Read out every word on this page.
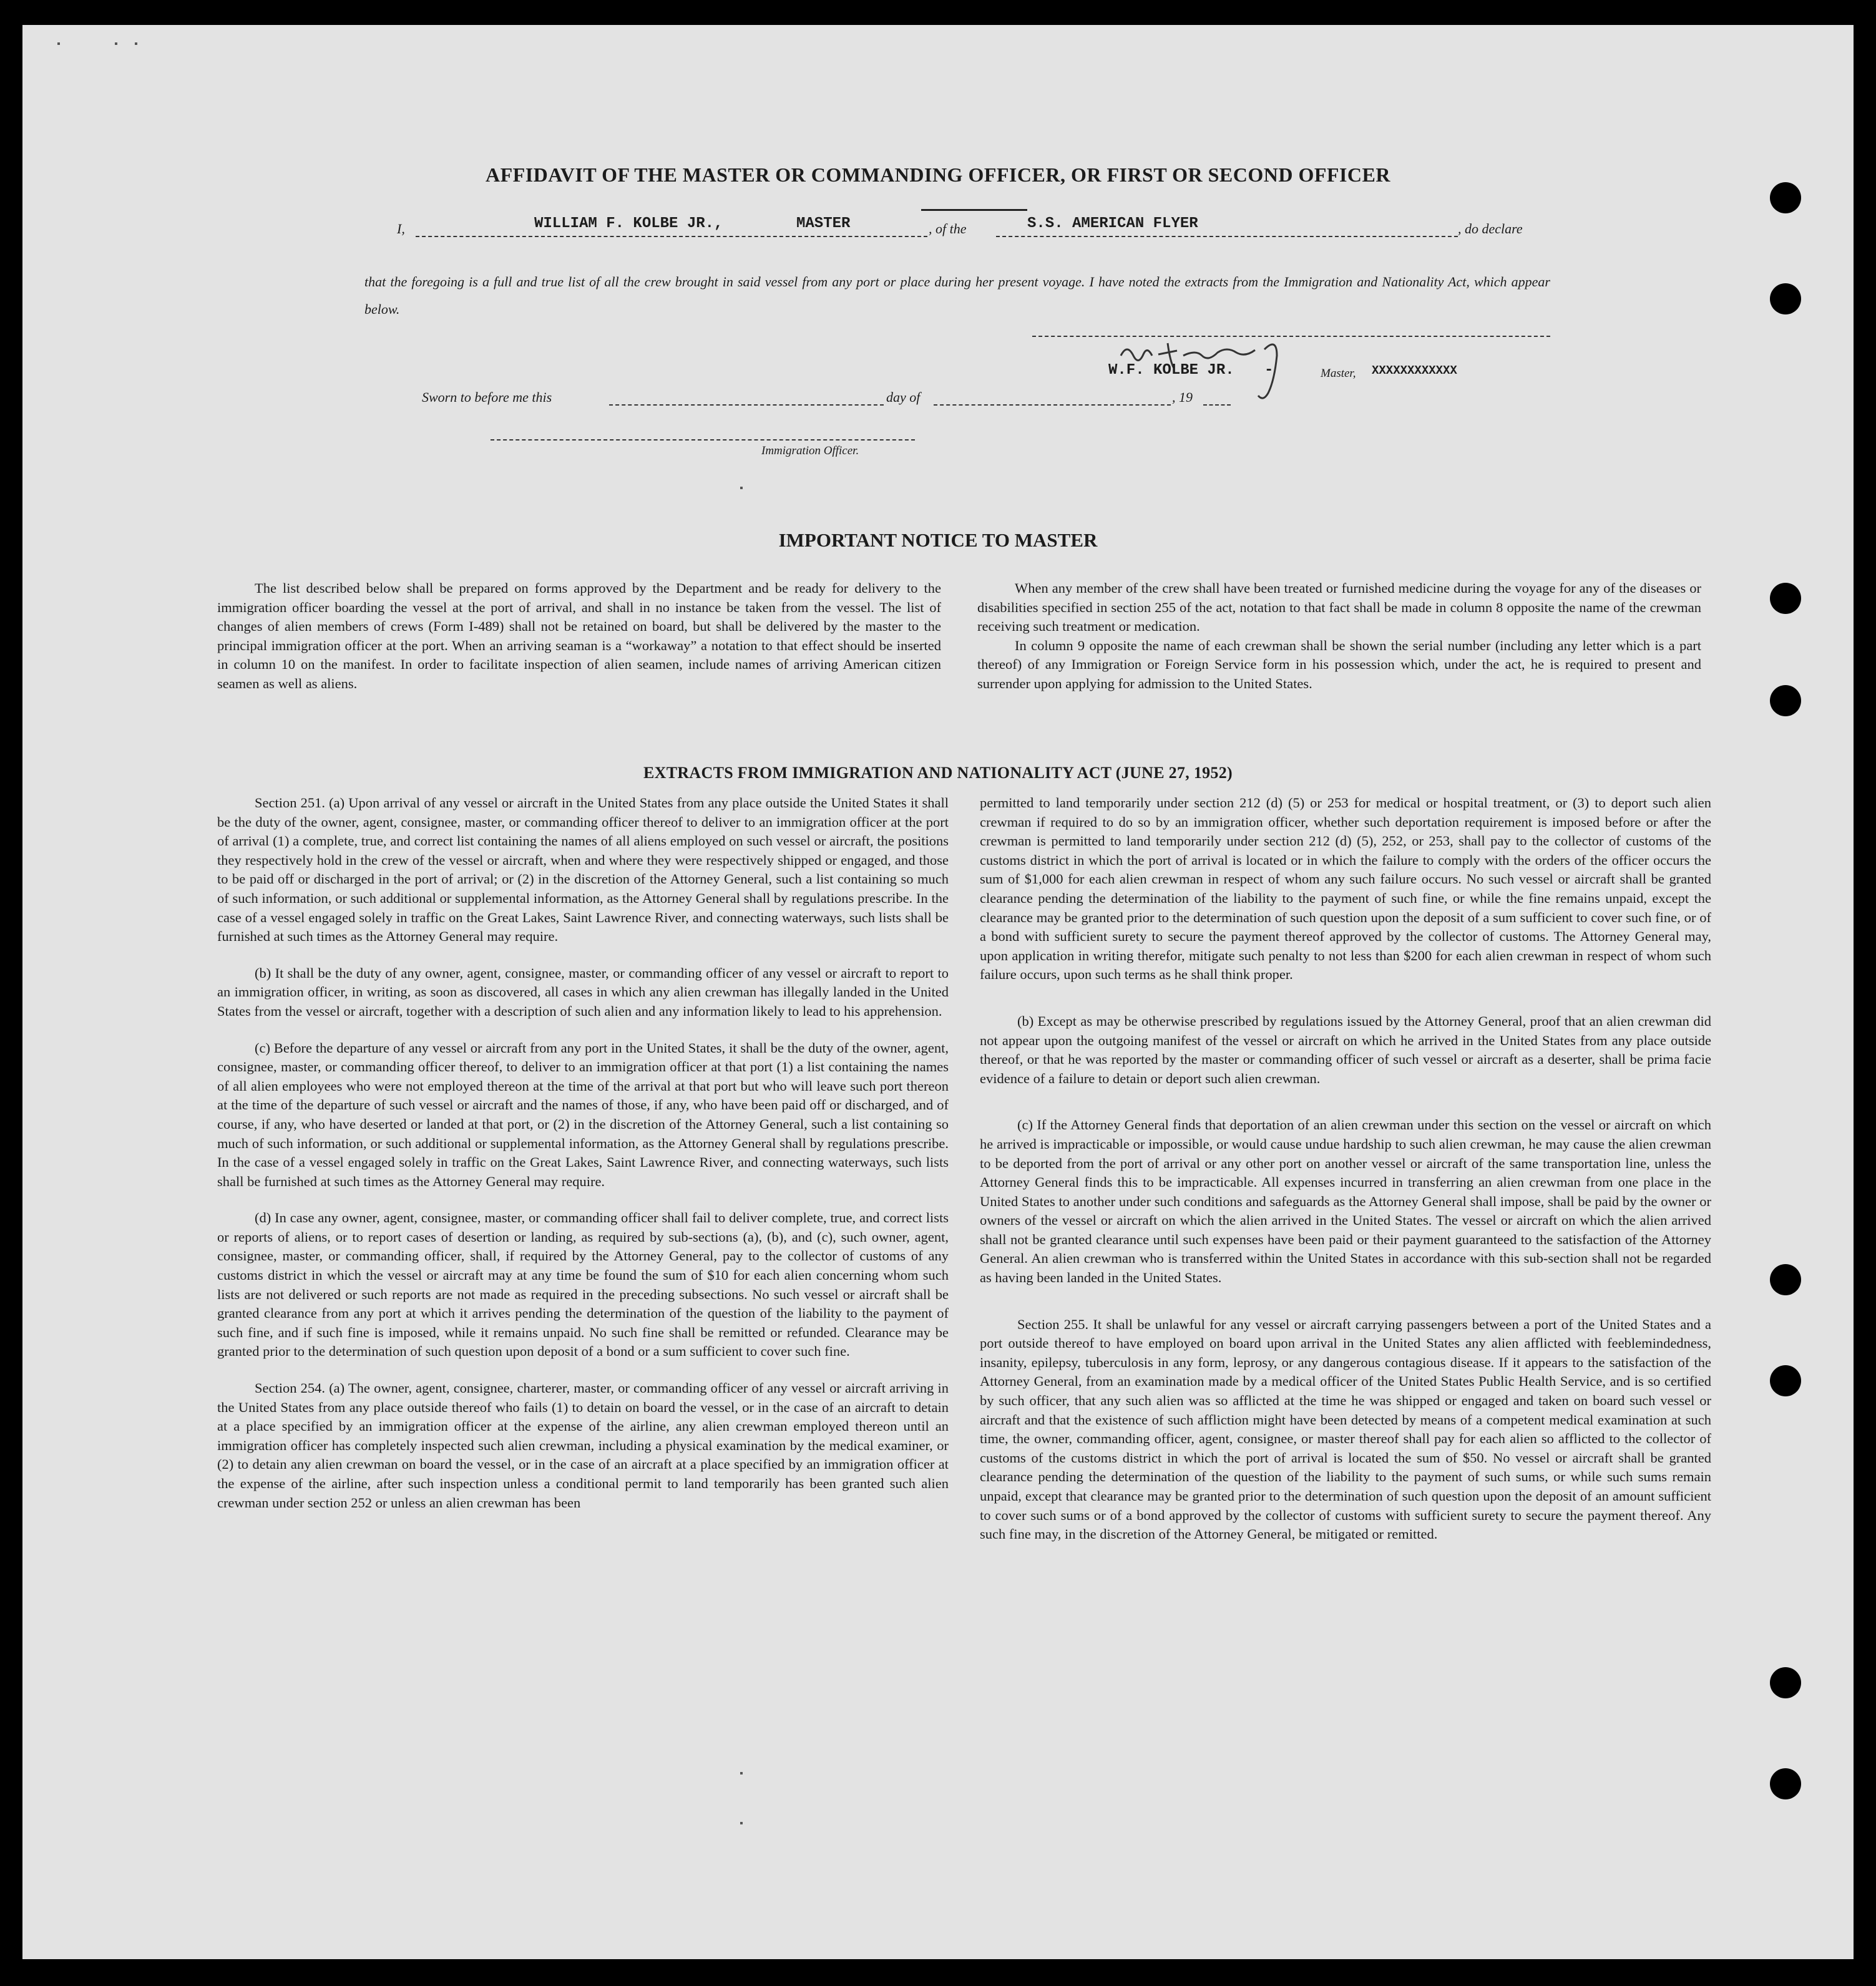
AFFIDAVIT OF THE MASTER OR COMMANDING OFFICER, OR FIRST OR SECOND OFFICER
I,	WILLIAM F. KOLBE JR.,	MASTER	, of the	S.S. AMERICAN FLYER	, do declare
that the foregoing is a full and true list of all the crew brought in said vessel from any port or place during her present voyage. I have noted the extracts from the Immigration and Nationality Act, which appear below.
W.F. KOLBE JR. -	Master, XXXXXXXXXXXX
Sworn to before me this	day of	, 19
Immigration Officer.
IMPORTANT NOTICE TO MASTER

The list described below shall be prepared on forms approved by the Department and be ready for delivery to the immigration officer boarding the vessel at the port of arrival, and shall in no instance be taken from the vessel. The list of changes of alien members of crews (Form I-489) shall not be retained on board, but shall be delivered by the master to the principal immigration officer at the port. When an arriving seaman is a “workaway” a notation to that effect should be inserted in column 10 on the manifest. In order to facilitate inspection of alien seamen, include names of arriving American citizen seamen as well as aliens.

When any member of the crew shall have been treated or furnished medicine during the voyage for any of the diseases or disabilities specified in section 255 of the act, notation to that fact shall be made in column 8 opposite the name of the crewman receiving such treatment or medication.

In column 9 opposite the name of each crewman shall be shown the serial number (including any letter which is a part thereof) of any Immigration or Foreign Service form in his possession which, under the act, he is required to present and surrender upon applying for admission to the United States.

EXTRACTS FROM IMMIGRATION AND NATIONALITY ACT (JUNE 27, 1952)

Section 251. (a) Upon arrival of any vessel or aircraft in the United States from any place outside the United States it shall be the duty of the owner, agent, consignee, master, or commanding officer thereof to deliver to an immigration officer at the port of arrival (1) a complete, true, and correct list containing the names of all aliens employed on such vessel or aircraft, the positions they respectively hold in the crew of the vessel or aircraft, when and where they were respectively shipped or engaged, and those to be paid off or discharged in the port of arrival; or (2) in the discretion of the Attorney General, such a list containing so much of such information, or such additional or supplemental information, as the Attorney General shall by regulations prescribe. In the case of a vessel engaged solely in traffic on the Great Lakes, Saint Lawrence River, and connecting waterways, such lists shall be furnished at such times as the Attorney General may require.

(b) It shall be the duty of any owner, agent, consignee, master, or commanding officer of any vessel or aircraft to report to an immigration officer, in writing, as soon as discovered, all cases in which any alien crewman has illegally landed in the United States from the vessel or aircraft, together with a description of such alien and any information likely to lead to his apprehension.

(c) Before the departure of any vessel or aircraft from any port in the United States, it shall be the duty of the owner, agent, consignee, master, or commanding officer thereof, to deliver to an immigration officer at that port (1) a list containing the names of all alien employees who were not employed thereon at the time of the arrival at that port but who will leave such port thereon at the time of the departure of such vessel or aircraft and the names of those, if any, who have been paid off or discharged, and of course, if any, who have deserted or landed at that port, or (2) in the discretion of the Attorney General, such a list containing so much of such information, or such additional or supplemental information, as the Attorney General shall by regulations prescribe. In the case of a vessel engaged solely in traffic on the Great Lakes, Saint Lawrence River, and connecting waterways, such lists shall be furnished at such times as the Attorney General may require.

(d) In case any owner, agent, consignee, master, or commanding officer shall fail to deliver complete, true, and correct lists or reports of aliens, or to report cases of desertion or landing, as required by sub-sections (a), (b), and (c), such owner, agent, consignee, master, or commanding officer, shall, if required by the Attorney General, pay to the collector of customs of any customs district in which the vessel or aircraft may at any time be found the sum of $10 for each alien concerning whom such lists are not delivered or such reports are not made as required in the preceding subsections. No such vessel or aircraft shall be granted clearance from any port at which it arrives pending the determination of the question of the liability to the payment of such fine, and if such fine is imposed, while it remains unpaid. No such fine shall be remitted or refunded. Clearance may be granted prior to the determination of such question upon deposit of a bond or a sum sufficient to cover such fine.

Section 254. (a) The owner, agent, consignee, charterer, master, or commanding officer of any vessel or aircraft arriving in the United States from any place outside thereof who fails (1) to detain on board the vessel, or in the case of an aircraft to detain at a place specified by an immigration officer at the expense of the airline, any alien crewman employed thereon until an immigration officer has completely inspected such alien crewman, including a physical examination by the medical examiner, or (2) to detain any alien crewman on board the vessel, or in the case of an aircraft at a place specified by an immigration officer at the expense of the airline, after such inspection unless a conditional permit to land temporarily has been granted such alien crewman under section 252 or unless an alien crewman has been

permitted to land temporarily under section 212 (d) (5) or 253 for medical or hospital treatment, or (3) to deport such alien crewman if required to do so by an immigration officer, whether such deportation requirement is imposed before or after the crewman is permitted to land temporarily under section 212 (d) (5), 252, or 253, shall pay to the collector of customs of the customs district in which the port of arrival is located or in which the failure to comply with the orders of the officer occurs the sum of $1,000 for each alien crewman in respect of whom any such failure occurs. No such vessel or aircraft shall be granted clearance pending the determination of the liability to the payment of such fine, or while the fine remains unpaid, except the clearance may be granted prior to the determination of such question upon the deposit of a sum sufficient to cover such fine, or of a bond with sufficient surety to secure the payment thereof approved by the collector of customs. The Attorney General may, upon application in writing therefor, mitigate such penalty to not less than $200 for each alien crewman in respect of whom such failure occurs, upon such terms as he shall think proper.

(b) Except as may be otherwise prescribed by regulations issued by the Attorney General, proof that an alien crewman did not appear upon the outgoing manifest of the vessel or aircraft on which he arrived in the United States from any place outside thereof, or that he was reported by the master or commanding officer of such vessel or aircraft as a deserter, shall be prima facie evidence of a failure to detain or deport such alien crewman.

(c) If the Attorney General finds that deportation of an alien crewman under this section on the vessel or aircraft on which he arrived is impracticable or impossible, or would cause undue hardship to such alien crewman, he may cause the alien crewman to be deported from the port of arrival or any other port on another vessel or aircraft of the same transportation line, unless the Attorney General finds this to be impracticable. All expenses incurred in transferring an alien crewman from one place in the United States to another under such conditions and safeguards as the Attorney General shall impose, shall be paid by the owner or owners of the vessel or aircraft on which the alien arrived in the United States. The vessel or aircraft on which the alien arrived shall not be granted clearance until such expenses have been paid or their payment guaranteed to the satisfaction of the Attorney General. An alien crewman who is transferred within the United States in accordance with this sub-section shall not be regarded as having been landed in the United States.

Section 255. It shall be unlawful for any vessel or aircraft carrying passengers between a port of the United States and a port outside thereof to have employed on board upon arrival in the United States any alien afflicted with feeblemindedness, insanity, epilepsy, tuberculosis in any form, leprosy, or any dangerous contagious disease. If it appears to the satisfaction of the Attorney General, from an examination made by a medical officer of the United States Public Health Service, and is so certified by such officer, that any such alien was so afflicted at the time he was shipped or engaged and taken on board such vessel or aircraft and that the existence of such affliction might have been detected by means of a competent medical examination at such time, the owner, commanding officer, agent, consignee, or master thereof shall pay for each alien so afflicted to the collector of customs of the customs district in which the port of arrival is located the sum of $50. No vessel or aircraft shall be granted clearance pending the determination of the question of the liability to the payment of such sums, or while such sums remain unpaid, except that clearance may be granted prior to the determination of such question upon the deposit of an amount sufficient to cover such sums or of a bond approved by the collector of customs with sufficient surety to secure the payment thereof. Any such fine may, in the discretion of the Attorney General, be mitigated or remitted.
